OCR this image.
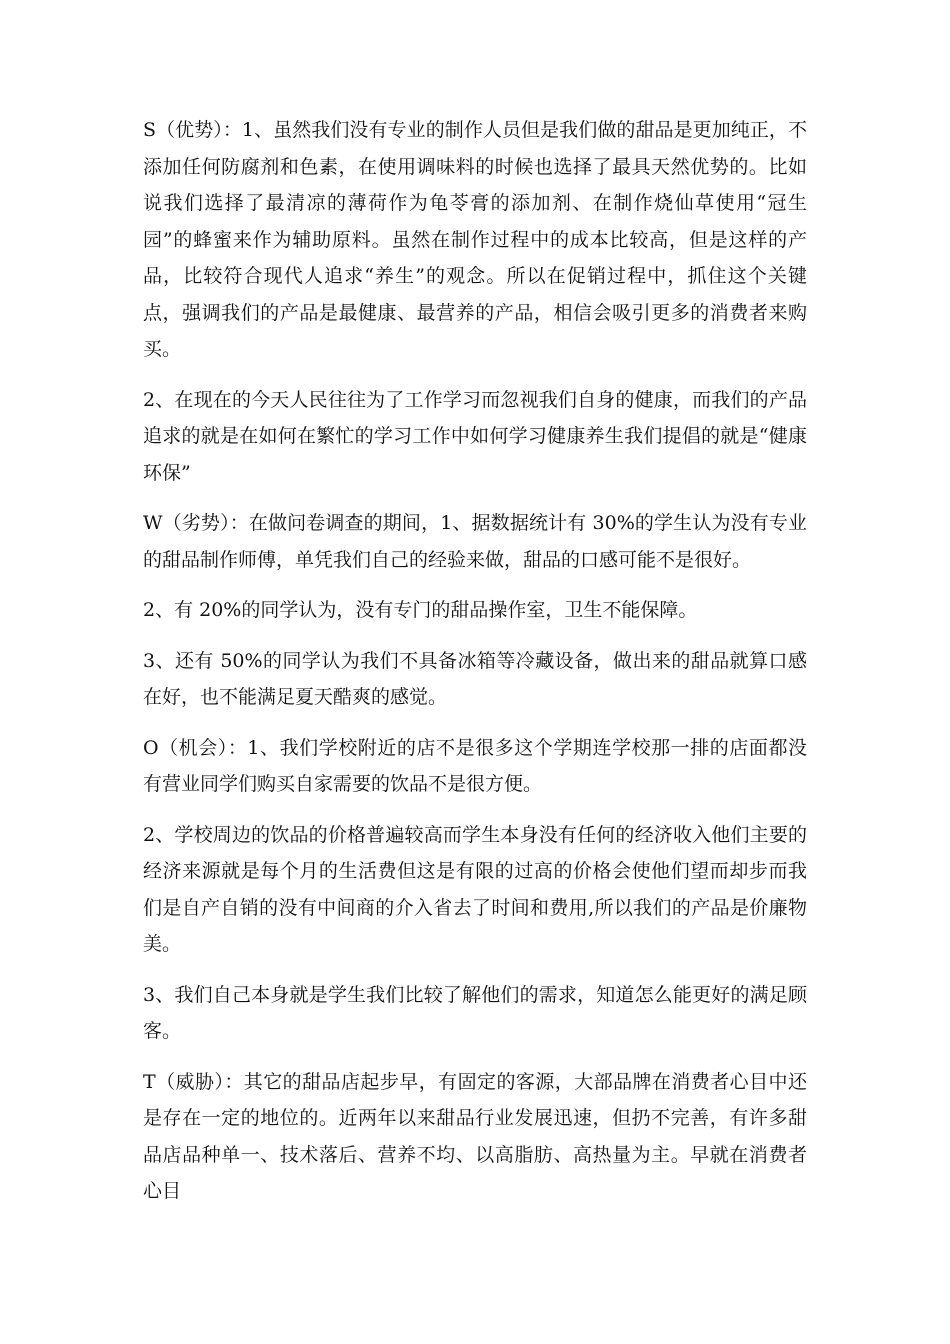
S（优势）：1、虽然我们没有专业的制作人员但是我们做的甜品是更加纯正，不添加任何防腐剂和色素，在使用调味料的时候也选择了最具天然优势的。比如说我们选择了最清凉的薄荷作为龟苓膏的添加剂、在制作烧仙草使用“冠生园”的蜂蜜来作为辅助原料。虽然在制作过程中的成本比较高，但是这样的产品，比较符合现代人追求“养生”的观念。所以在促销过程中，抓住这个关键点，强调我们的产品是最健康、最营养的产品，相信会吸引更多的消费者来购买。

2、在现在的今天人民往往为了工作学习而忽视我们自身的健康，而我们的产品追求的就是在如何在繁忙的学习工作中如何学习健康养生我们提倡的就是“健康环保”

W（劣势）：在做问卷调查的期间，1、据数据统计有 30%的学生认为没有专业的甜品制作师傅，单凭我们自己的经验来做，甜品的口感可能不是很好。

2、有 20%的同学认为，没有专门的甜品操作室，卫生不能保障。

3、还有 50%的同学认为我们不具备冰箱等冷藏设备，做出来的甜品就算口感在好，也不能满足夏天酷爽的感觉。

O（机会）：1、我们学校附近的店不是很多这个学期连学校那一排的店面都没有营业同学们购买自家需要的饮品不是很方便。

2、学校周边的饮品的价格普遍较高而学生本身没有任何的经济收入他们主要的经济来源就是每个月的生活费但这是有限的过高的价格会使他们望而却步而我们是自产自销的没有中间商的介入省去了时间和费用,所以我们的产品是价廉物美。

3、我们自己本身就是学生我们比较了解他们的需求，知道怎么能更好的满足顾客。

T（威胁）：其它的甜品店起步早，有固定的客源，大部品牌在消费者心目中还是存在一定的地位的。近两年以来甜品行业发展迅速，但扔不完善，有许多甜品店品种单一、技术落后、营养不均、以高脂肪、高热量为主。早就在消费者心目
